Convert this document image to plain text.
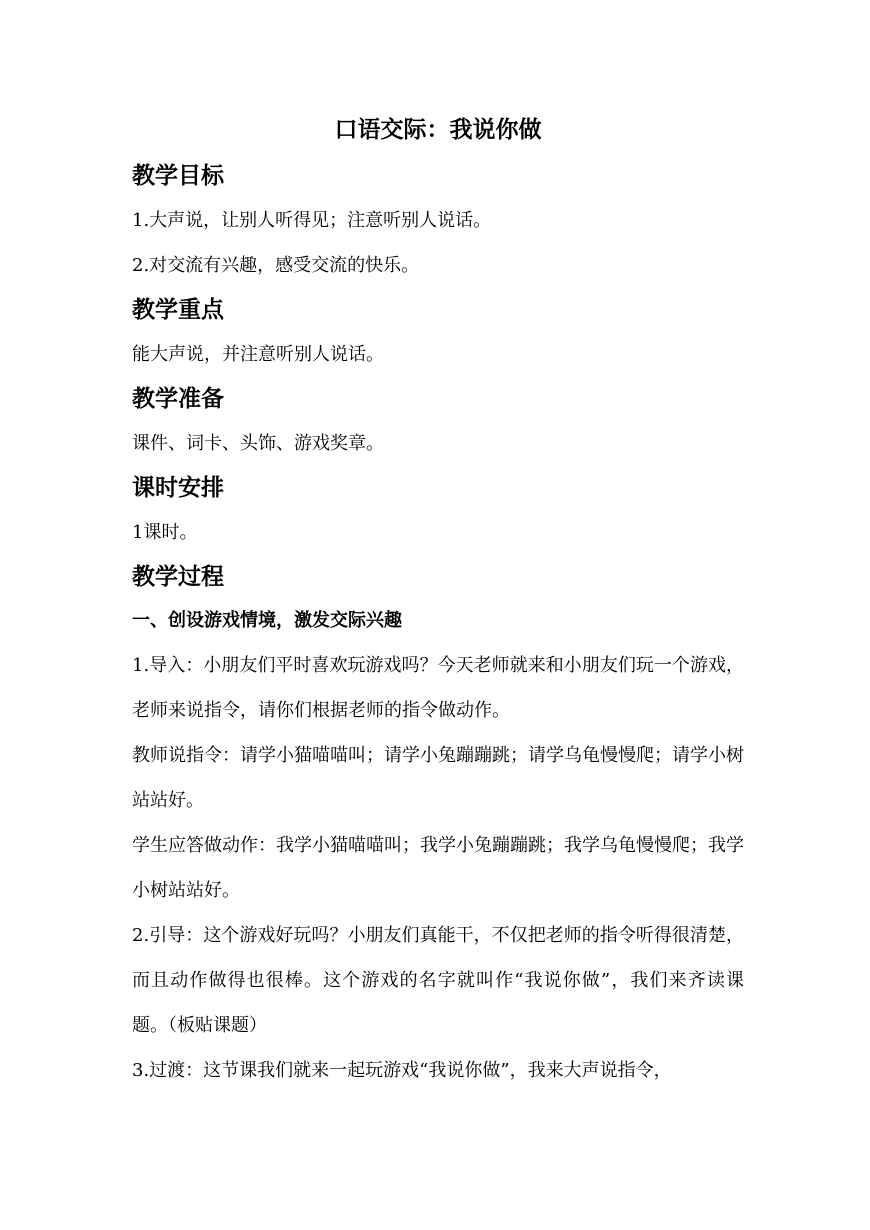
口语交际：我说你做
教学目标

1.大声说，让别人听得见；注意听别人说话。

2.对交流有兴趣，感受交流的快乐。

教学重点

能大声说，并注意听别人说话。

教学准备

课件、词卡、头饰、游戏奖章。

课时安排

1课时。

教学过程
一、创设游戏情境，激发交际兴趣

1.导入：小朋友们平时喜欢玩游戏吗？今天老师就来和小朋友们玩一个游戏，老师来说指令，请你们根据老师的指令做动作。

教师说指令：请学小猫喵喵叫；请学小兔蹦蹦跳；请学乌龟慢慢爬；请学小树站站好。

学生应答做动作：我学小猫喵喵叫；我学小兔蹦蹦跳；我学乌龟慢慢爬；我学小树站站好。

2.引导：这个游戏好玩吗？小朋友们真能干，不仅把老师的指令听得很清楚，而且动作做得也很棒。这个游戏的名字就叫作“我说你做”，我们来齐读课题。（板贴课题）

3.过渡：这节课我们就来一起玩游戏“我说你做”，我来大声说指令，
